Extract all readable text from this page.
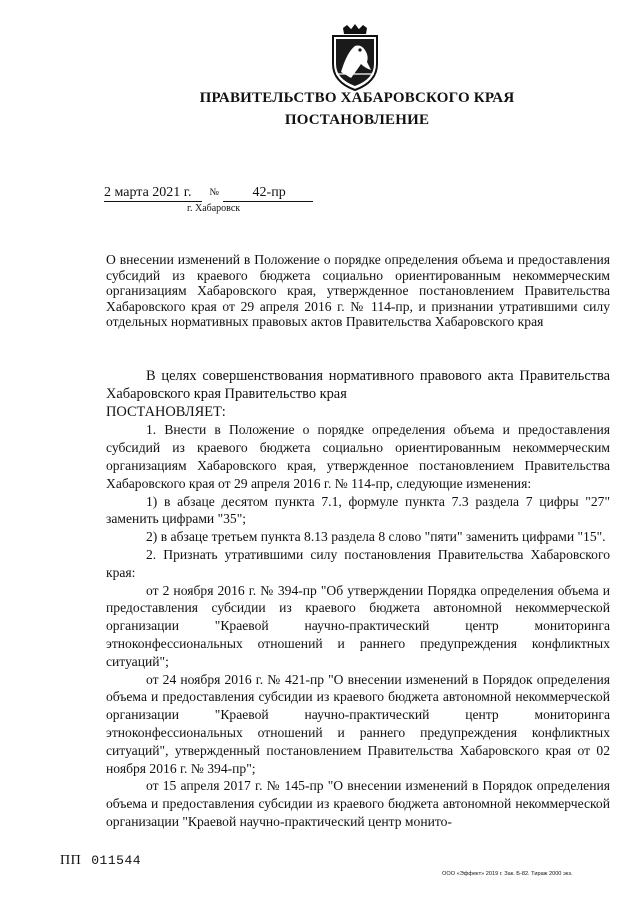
ПРАВИТЕЛЬСТВО ХАБАРОВСКОГО КРАЯ
ПОСТАНОВЛЕНИЕ
2 марта 2021 г. № 42-пр
г. Хабаровск
О внесении изменений в Положение о порядке определения объема и предоставления субсидий из краевого бюджета социально ориентированным некоммерческим организациям Хабаровского края, утвержденное постановлением Правительства Хабаровского края от 29 апреля 2016 г. № 114-пр, и признании утратившими силу отдельных нормативных правовых актов Правительства Хабаровского края

В целях совершенствования нормативного правового акта Правительства Хабаровского края Правительство края

ПОСТАНОВЛЯЕТ:

1. Внести в Положение о порядке определения объема и предоставления субсидий из краевого бюджета социально ориентированным некоммерческим организациям Хабаровского края, утвержденное постановлением Правительства Хабаровского края от 29 апреля 2016 г. № 114-пр, следующие изменения:

1) в абзаце десятом пункта 7.1, формуле пункта 7.3 раздела 7 цифры "27" заменить цифрами "35";

2) в абзаце третьем пункта 8.13 раздела 8 слово "пяти" заменить цифрами "15".

2. Признать утратившими силу постановления Правительства Хабаровского края:

от 2 ноября 2016 г. № 394-пр "Об утверждении Порядка определения объема и предоставления субсидии из краевого бюджета автономной некоммерческой организации "Краевой научно-практический центр мониторинга этноконфессиональных отношений и раннего предупреждения конфликтных ситуаций";

от 24 ноября 2016 г. № 421-пр "О внесении изменений в Порядок определения объема и предоставления субсидии из краевого бюджета автономной некоммерческой организации "Краевой научно-практический центр мониторинга этноконфессиональных отношений и раннего предупреждения конфликтных ситуаций", утвержденный постановлением Правительства Хабаровского края от 02 ноября 2016 г. № 394-пр";

от 15 апреля 2017 г. № 145-пр "О внесении изменений в Порядок определения объема и предоставления субсидии из краевого бюджета автономной некоммерческой организации "Краевой научно-практический центр монито-

ПП 011544
ООО «Эффект» 2019 г. Зак. Б-82. Тираж 2000 экз.
